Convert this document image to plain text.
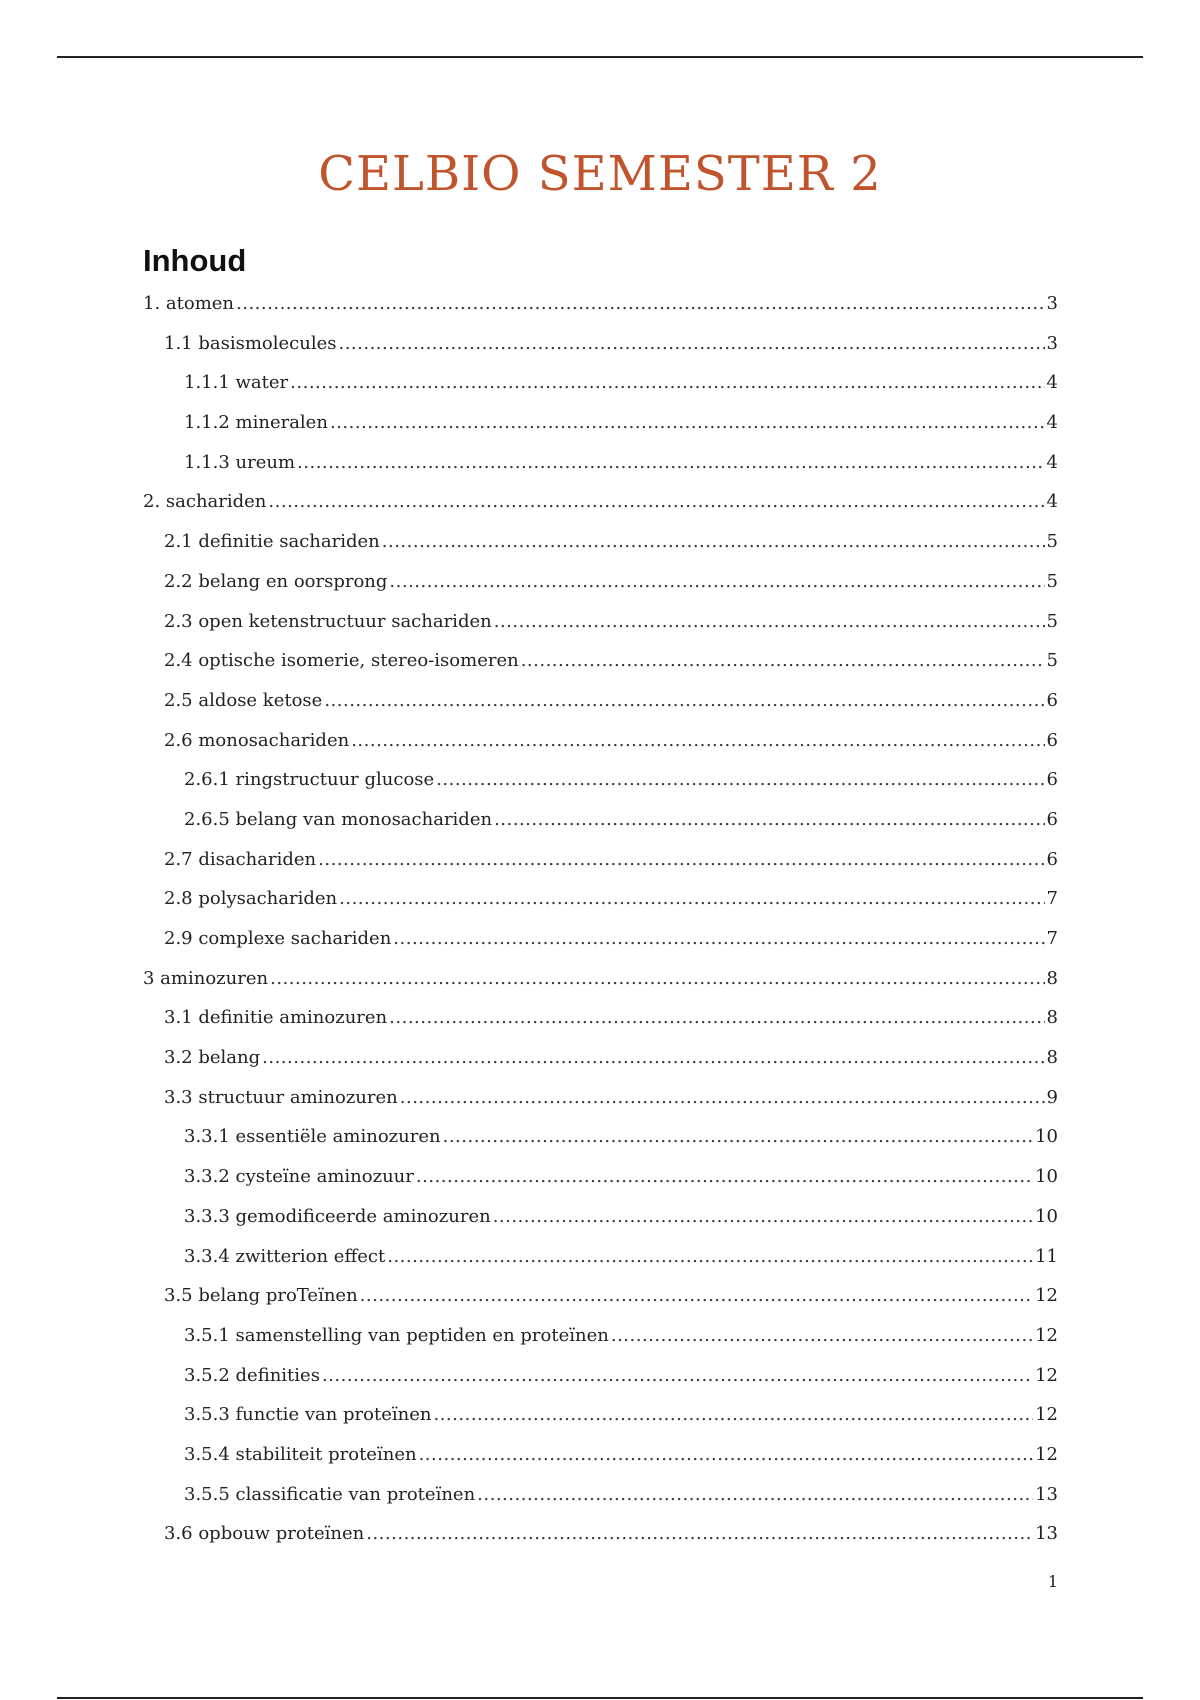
CELBIO SEMESTER 2
Inhoud
1. atomen .....	3
1.1 basismolecules .....	3
1.1.1 water .....	4
1.1.2 mineralen .....	4
1.1.3 ureum .....	4
2. sachariden .....	4
2.1 definitie sachariden .....	5
2.2 belang en oorsprong .....	5
2.3 open ketenstructuur sachariden .....	5
2.4 optische isomerie, stereo-isomeren .....	5
2.5 aldose ketose .....	6
2.6 monosachariden .....	6
2.6.1 ringstructuur glucose .....	6
2.6.5 belang van monosachariden .....	6
2.7 disachariden .....	6
2.8 polysachariden .....	7
2.9 complexe sachariden .....	7
3 aminozuren .....	8
3.1 definitie aminozuren .....	8
3.2 belang .....	8
3.3 structuur aminozuren .....	9
3.3.1 essentiële aminozuren .....	10
3.3.2 cysteïne aminozuur .....	10
3.3.3 gemodificeerde aminozuren .....	10
3.3.4 zwitterion effect .....	11
3.5 belang proTeïnen .....	12
3.5.1 samenstelling van peptiden en proteïnen .....	12
3.5.2 definities .....	12
3.5.3 functie van proteïnen .....	12
3.5.4 stabiliteit proteïnen .....	12
3.5.5 classificatie van proteïnen .....	13
3.6 opbouw proteïnen .....	13
1
